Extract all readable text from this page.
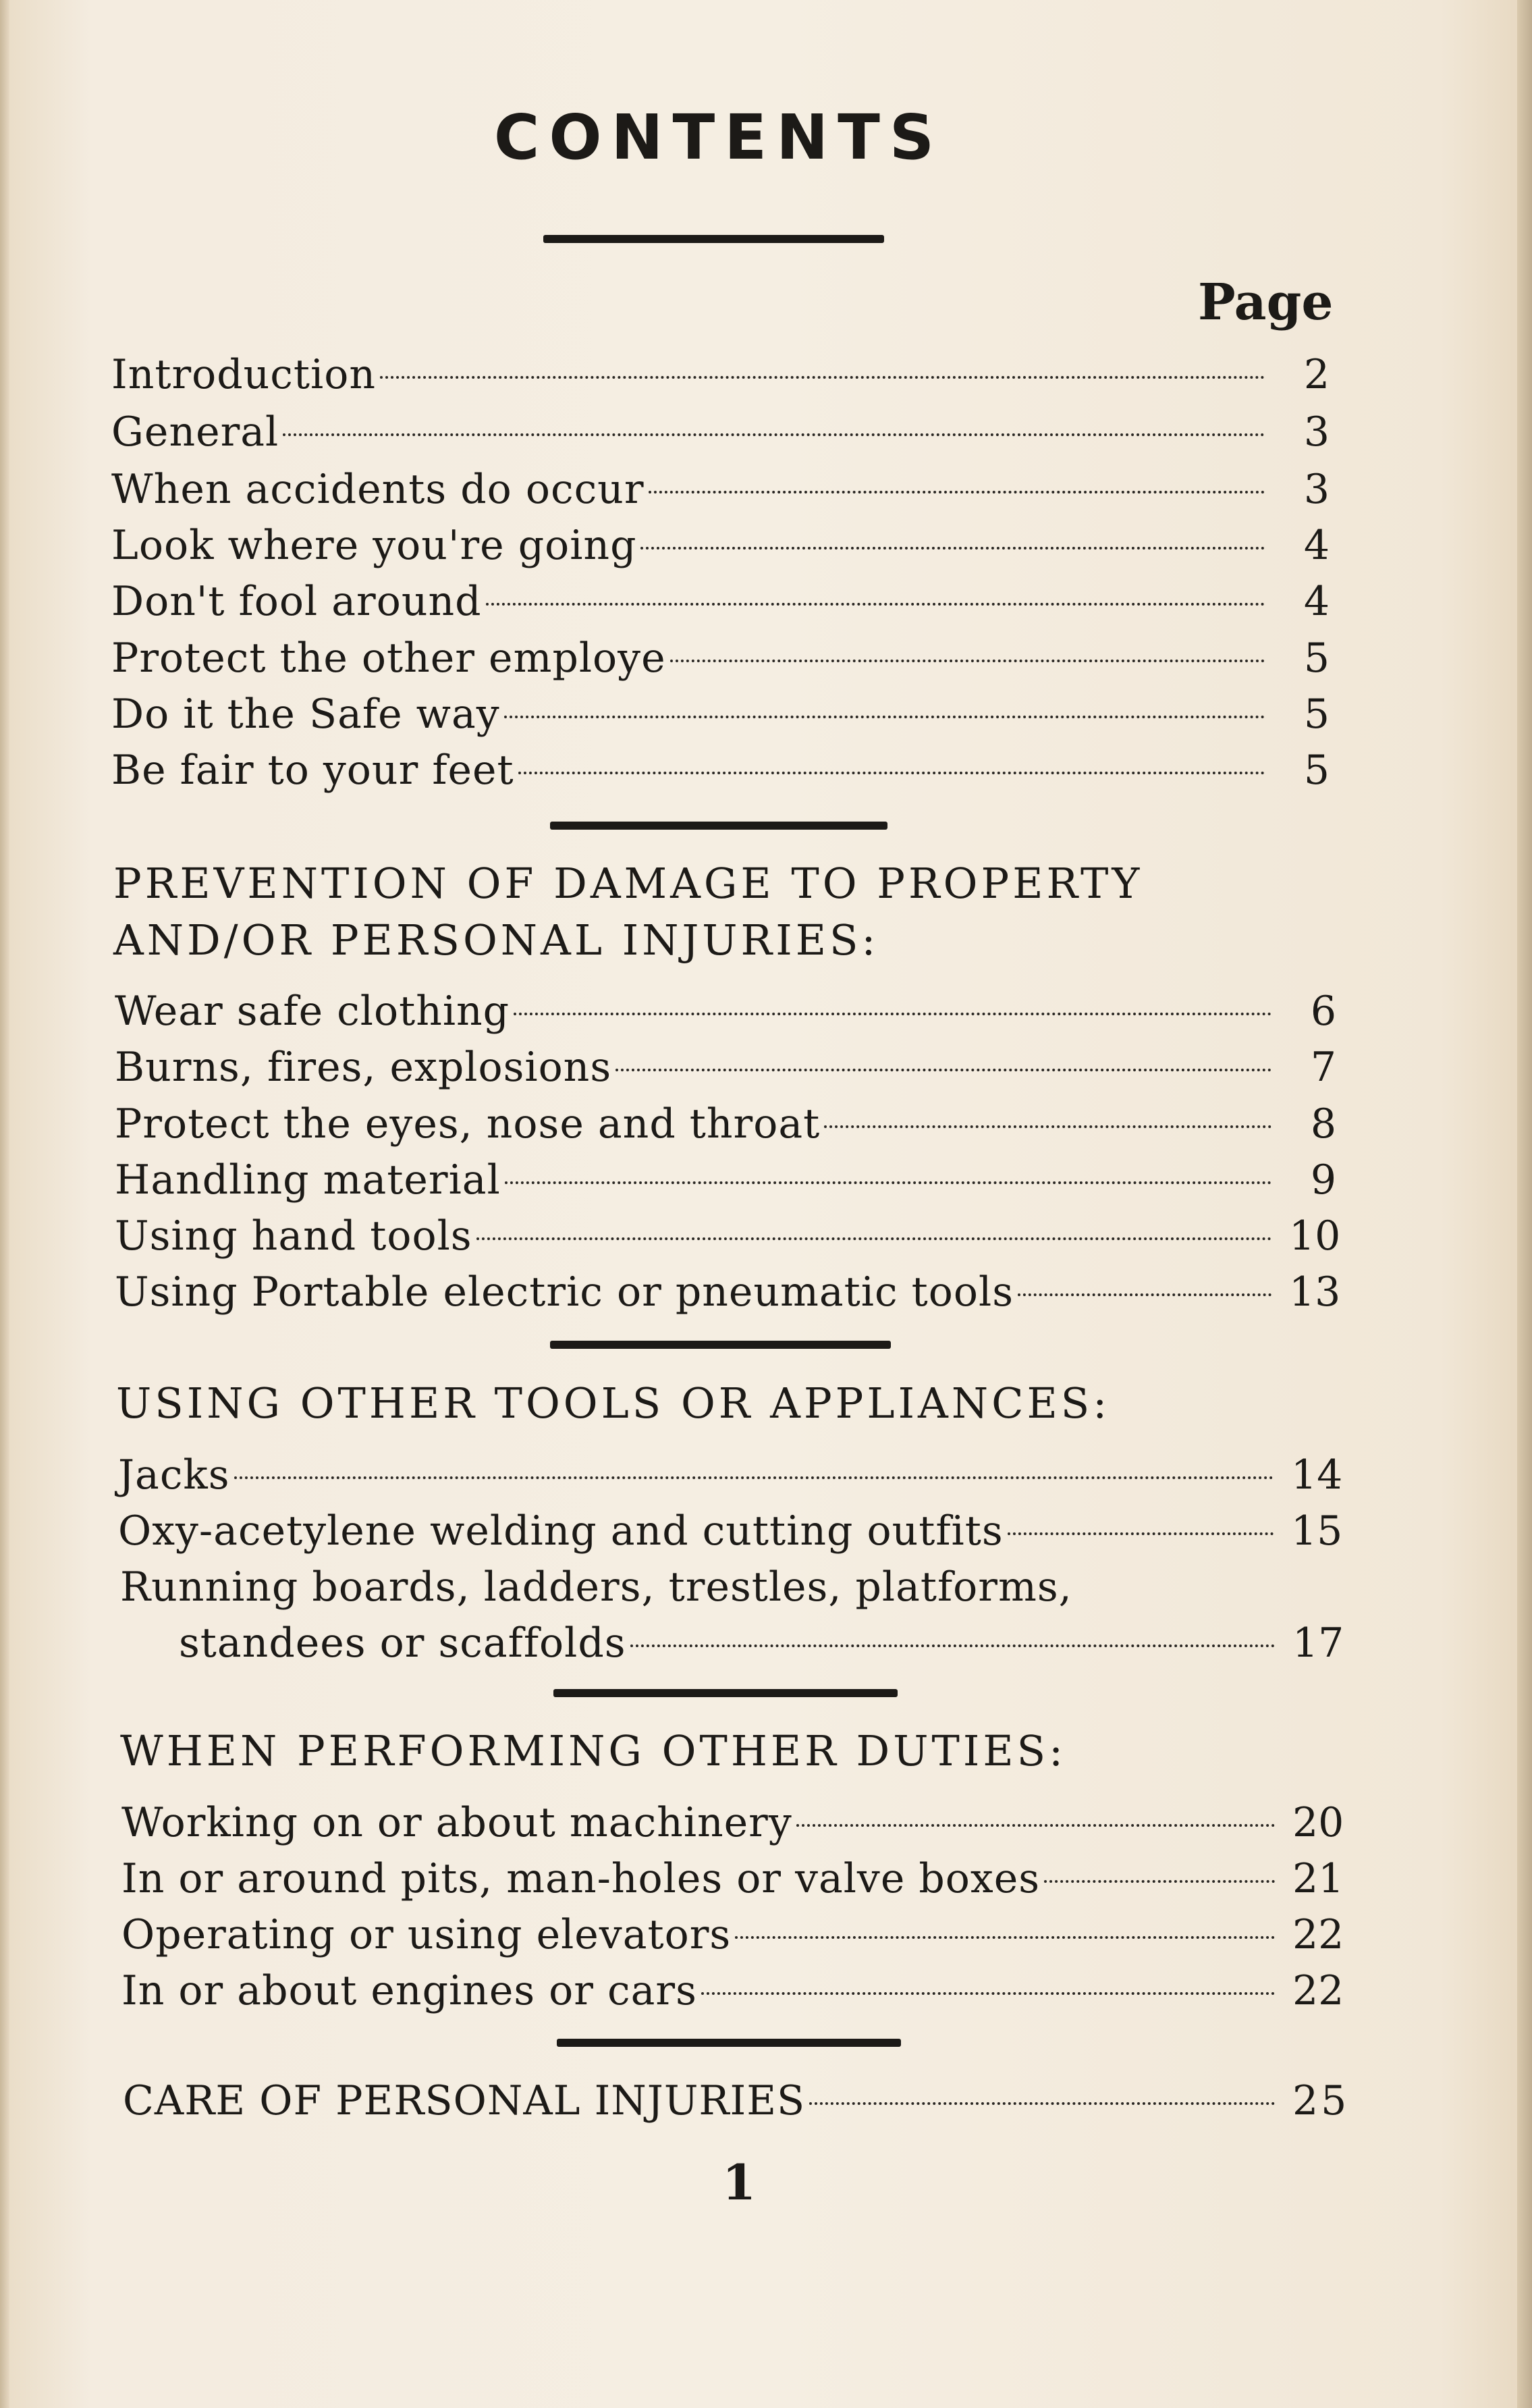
CONTENTS
Page
Introduction	2
General	3
When accidents do occur	3
Look where you're going	4
Don't fool around	4
Protect the other employe	5
Do it the Safe way	5
Be fair to your feet	5
PREVENTION OF DAMAGE TO PROPERTY
AND/OR PERSONAL INJURIES:
Wear safe clothing	6
Burns, fires, explosions	7
Protect the eyes, nose and throat	8
Handling material	9
Using hand tools	10
Using Portable electric or pneumatic tools	13
USING OTHER TOOLS OR APPLIANCES:
Jacks	14
Oxy-acetylene welding and cutting outfits	15
Running boards, ladders, trestles, platforms,
standees or scaffolds	17
WHEN PERFORMING OTHER DUTIES:
Working on or about machinery	20
In or around pits, man-holes or valve boxes	21
Operating or using elevators	22
In or about engines or cars	22
CARE OF PERSONAL INJURIES	25
1
